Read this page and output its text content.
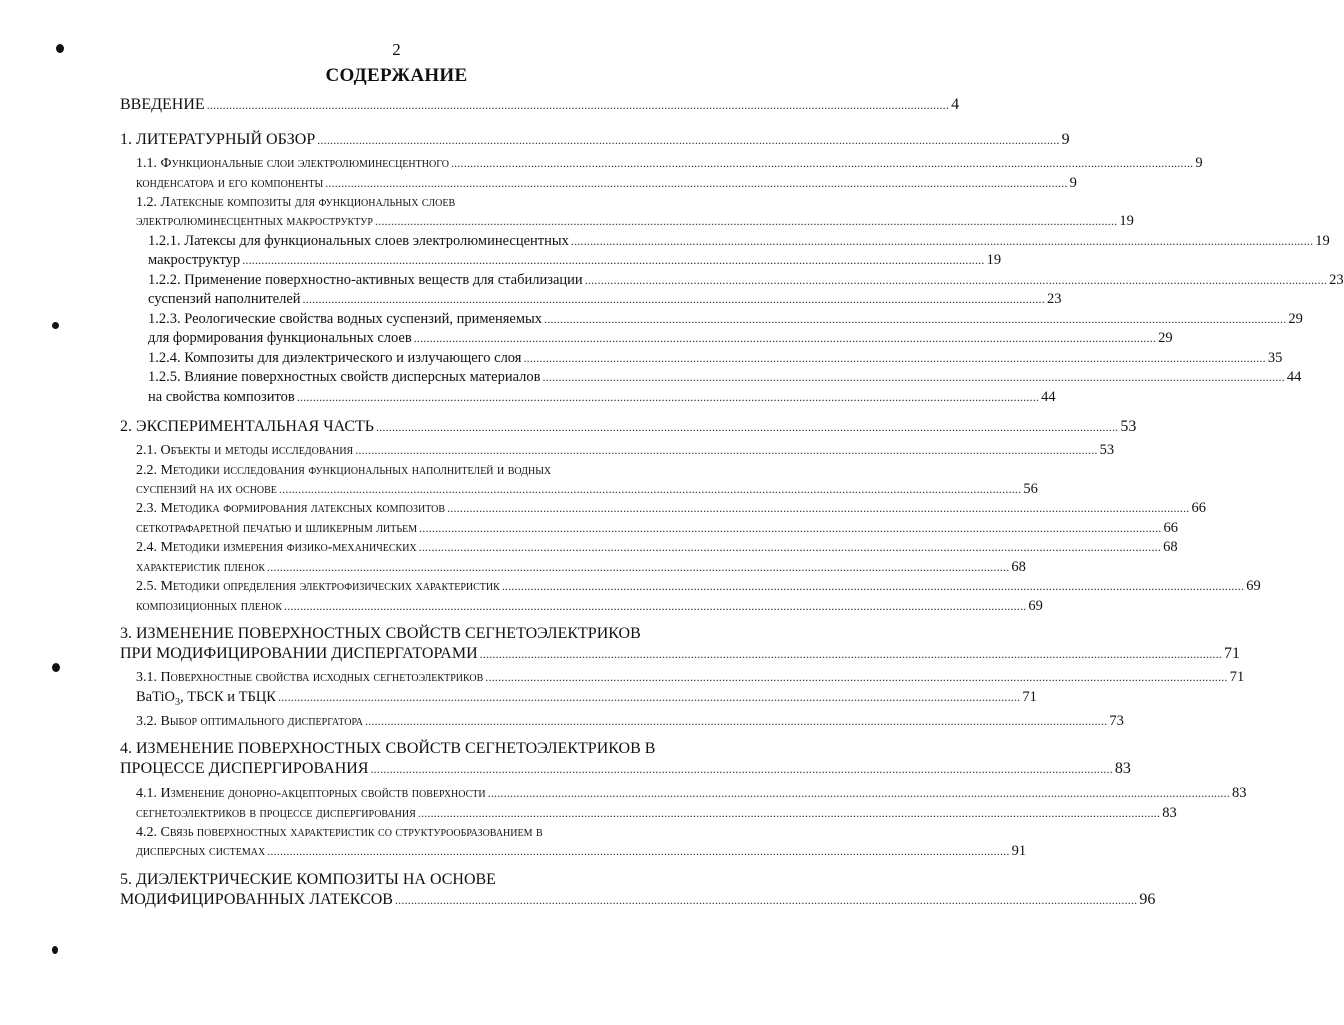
2
СОДЕРЖАНИЕ
ВВЕДЕНИЕ .....	4
1. ЛИТЕРАТУРНЫЙ ОБЗОР .....	9
1.1. Функциональные слои электролюминесцентного .....	9
конденсатора и его компоненты .....	9
1.2. Латексные композиты для функциональных слоев
электролюминесцентных макроструктур .....	19
1.2.1. Латексы для функциональных слоев электролюминесцентных .....	19
макроструктур .....	19
1.2.2. Применение поверхностно-активных веществ для стабилизации .....	23
суспензий наполнителей .....	23
1.2.3. Реологические свойства водных суспензий, применяемых .....	29
для формирования функциональных слоев .....	29
1.2.4. Композиты для диэлектрического и излучающего слоя .....	35
1.2.5. Влияние поверхностных свойств дисперсных материалов .....	44
на свойства композитов .....	44
2. ЭКСПЕРИМЕНТАЛЬНАЯ ЧАСТЬ .....	53
2.1. Объекты и методы исследования .....	53
2.2. Методики исследования функциональных наполнителей и водных
суспензий на их основе .....	56
2.3. Методика формирования латексных композитов .....	66
сеткотрафаретной печатью и шликерным литьем .....	66
2.4. Методики измерения физико-механических .....	68
характеристик пленок .....	68
2.5. Методики определения электрофизических характеристик .....	69
композиционных пленок .....	69
3. ИЗМЕНЕНИЕ ПОВЕРХНОСТНЫХ СВОЙСТВ СЕГНЕТОЭЛЕКТРИКОВ
ПРИ МОДИФИЦИРОВАНИИ ДИСПЕРГАТОРАМИ .....	71
3.1. Поверхностные свойства исходных сегнетоэлектриков .....	71
BaTiO$_3$, ТБСК и ТБЦК .....	71
3.2. Выбор оптимального диспергатора .....	73
4. ИЗМЕНЕНИЕ ПОВЕРХНОСТНЫХ СВОЙСТВ СЕГНЕТОЭЛЕКТРИКОВ В
ПРОЦЕССЕ ДИСПЕРГИРОВАНИЯ .....	83
4.1. Изменение донорно-акцепторных свойств поверхности .....	83
сегнетоэлектриков в процессе диспергирования .....	83
4.2. Связь поверхностных характеристик со структурообразованием в
дисперсных системах .....	91
5. ДИЭЛЕКТРИЧЕСКИЕ КОМПОЗИТЫ НА ОСНОВЕ
МОДИФИЦИРОВАННЫХ ЛАТЕКСОВ .....	96
